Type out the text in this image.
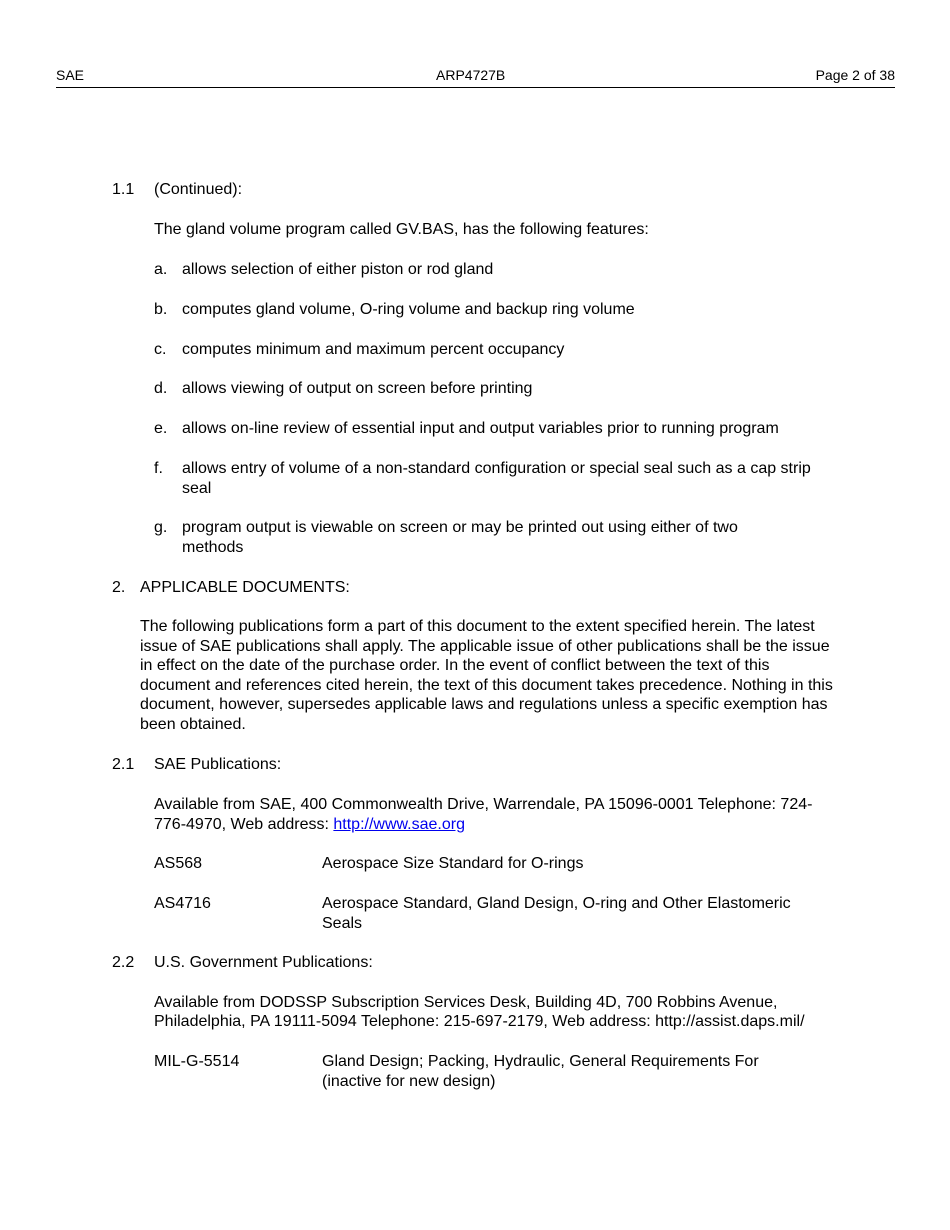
SAE	ARP4727B	Page 2 of 38
1.1 (Continued):
The gland volume program called GV.BAS, has the following features:
a. allows selection of either piston or rod gland
b. computes gland volume, O-ring volume and backup ring volume
c. computes minimum and maximum percent occupancy
d. allows viewing of output on screen before printing
e. allows on-line review of essential input and output variables prior to running program
f. allows entry of volume of a non-standard configuration or special seal such as a cap strip seal
g. program output is viewable on screen or may be printed out using either of two methods
2. APPLICABLE DOCUMENTS:
The following publications form a part of this document to the extent specified herein. The latest issue of SAE publications shall apply. The applicable issue of other publications shall be the issue in effect on the date of the purchase order. In the event of conflict between the text of this document and references cited herein, the text of this document takes precedence. Nothing in this document, however, supersedes applicable laws and regulations unless a specific exemption has been obtained.
2.1 SAE Publications:
Available from SAE, 400 Commonwealth Drive, Warrendale, PA 15096-0001 Telephone: 724-776-4970, Web address: http://www.sae.org
AS568	Aerospace Size Standard for O-rings
AS4716	Aerospace Standard, Gland Design, O-ring and Other Elastomeric Seals
2.2 U.S. Government Publications:
Available from DODSSP Subscription Services Desk, Building 4D, 700 Robbins Avenue,
Philadelphia, PA 19111-5094 Telephone: 215-697-2179, Web address: http://assist.daps.mil/
MIL-G-5514	Gland Design; Packing, Hydraulic, General Requirements For (inactive for new design)
